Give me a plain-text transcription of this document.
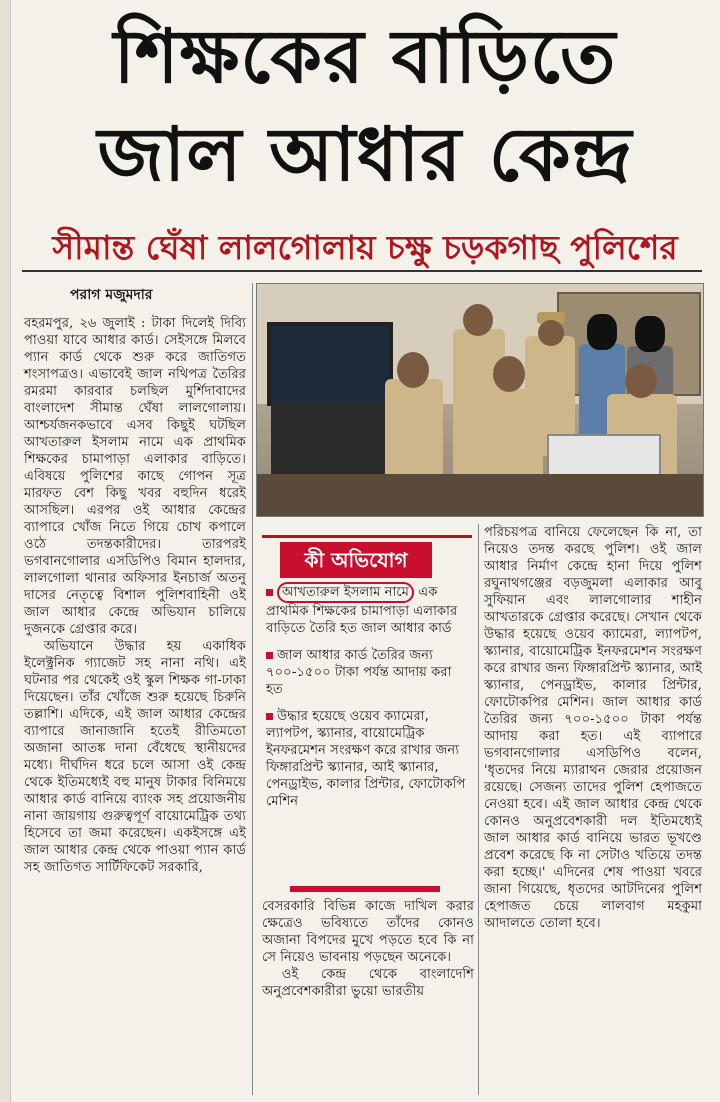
শিক্ষকের বাড়িতে
জাল আধার কেন্দ্র
সীমান্ত ঘেঁষা লালগোলায় চক্ষু চড়কগাছ পুলিশের
পরাগ মজুমদার

বহরমপুর, ২৬ জুলাই : টাকা দিলেই দিব্যি পাওয়া যাবে আধার কার্ড। সেইসঙ্গে মিলবে প্যান কার্ড থেকে শুরু করে জাতিগত শংসাপত্রও। এভাবেই জাল নথিপত্র তৈরির রমরমা কারবার চলছিল মুর্শিদাবাদের বাংলাদেশ সীমান্ত ঘেঁষা লালগোলায়। আশ্চর্যজনকভাবে এসব কিছুই ঘটছিল আখতারুল ইসলাম নামে এক প্রাথমিক শিক্ষকের চামাপাড়া এলাকার বাড়িতে। এবিষয়ে পুলিশের কাছে গোপন সূত্র মারফত বেশ কিছু খবর বহুদিন ধরেই আসছিল। এরপর ওই আধার কেন্দ্রের ব্যাপারে খোঁজ নিতে গিয়ে চোখ কপালে ওঠে তদন্তকারীদের। তারপরই ভগবানগোলার এসডিপিও বিমান হালদার, লালগোলা থানার অফিসার ইনচার্জ অতনু দাসের নেতৃত্বে বিশাল পুলিশবাহিনী ওই জাল আধার কেন্দ্রে অভিযান চালিয়ে দুজনকে গ্রেপ্তার করে।

অভিযানে উদ্ধার হয় একাধিক ইলেক্ট্রনিক গ্যাজেট সহ নানা নথি। এই ঘটনার পর থেকেই ওই স্কুল শিক্ষক গা-ঢাকা দিয়েছেন। তাঁর খোঁজে শুরু হয়েছে চিরুনি তল্লাশি। এদিকে, এই জাল আধার কেন্দ্রের ব্যাপারে জানাজানি হতেই রীতিমতো অজানা আতঙ্ক দানা বেঁধেছে স্থানীয়দের মধ্যে। দীর্ঘদিন ধরে চলে আসা ওই কেন্দ্র থেকে ইতিমধ্যেই বহু মানুষ টাকার বিনিময়ে আধার কার্ড বানিয়ে ব্যাংক সহ প্রয়োজনীয় নানা জায়গায় গুরুত্বপূর্ণ বায়োমেট্রিক তথ্য হিসেবে তা জমা করেছেন। একইসঙ্গে এই জাল আধার কেন্দ্র থেকে পাওয়া প্যান কার্ড সহ জাতিগত সার্টিফিকেট সরকারি,

কী অভিযোগ

আখতারুল ইসলাম নামে এক প্রাথমিক শিক্ষকের চামাপাড়া এলাকার বাড়িতে তৈরি হত জাল আধার কার্ড

জাল আধার কার্ড তৈরির জন্য ৭০০-১৫০০ টাকা পর্যন্ত আদায় করা হত

উদ্ধার হয়েছে ওয়েব ক্যামেরা, ল্যাপটপ, স্ক্যানার, বায়োমেট্রিক ইনফরমেশন সংরক্ষণ করে রাখার জন্য ফিঙ্গারপ্রিন্ট স্ক্যানার, আই স্ক্যানার, পেনড্রাইভ, কালার প্রিন্টার, ফোটোকপি মেশিন

বেসরকারি বিভিন্ন কাজে দাখিল করার ক্ষেত্রেও ভবিষ্যতে তাঁদের কোনও অজানা বিপদের মুখে পড়তে হবে কি না সে নিয়েও ভাবনায় পড়ছেন অনেকে।

ওই কেন্দ্র থেকে বাংলাদেশি অনুপ্রবেশকারীরা ভুয়ো ভারতীয়

পরিচয়পত্র বানিয়ে ফেলেছেন কি না, তা নিয়েও তদন্ত করছে পুলিশ। ওই জাল আধার নির্মাণ কেন্দ্রে হানা দিয়ে পুলিশ রঘুনাথগঞ্জের বড়জুমলা এলাকার আবু সুফিয়ান এবং লালগোলার শাহীন আখতারকে গ্রেপ্তার করেছে। সেখান থেকে উদ্ধার হয়েছে ওয়েব ক্যামেরা, ল্যাপটপ, স্ক্যানার, বায়োমেট্রিক ইনফরমেশন সংরক্ষণ করে রাখার জন্য ফিঙ্গারপ্রিন্ট স্ক্যানার, আই স্ক্যানার, পেনড্রাইভ, কালার প্রিন্টার, ফোটোকপির মেশিন। জাল আধার কার্ড তৈরির জন্য ৭০০-১৫০০ টাকা পর্যন্ত আদায় করা হত। এই ব্যাপারে ভগবানগোলার এসডিপিও বলেন, 'ধৃতদের নিয়ে ম্যারাথন জেরার প্রয়োজন রয়েছে। সেজন্য তাদের পুলিশ হেপাজতে নেওয়া হবে। এই জাল আধার কেন্দ্র থেকে কোনও অনুপ্রবেশকারী দল ইতিমধ্যেই জাল আধার কার্ড বানিয়ে ভারত ভূখণ্ডে প্রবেশ করেছে কি না সেটাও খতিয়ে তদন্ত করা হচ্ছে।' এদিনের শেষ পাওয়া খবরে জানা গিয়েছে, ধৃতদের আটদিনের পুলিশ হেপাজত চেয়ে লালবাগ মহকুমা আদালতে তোলা হবে।
